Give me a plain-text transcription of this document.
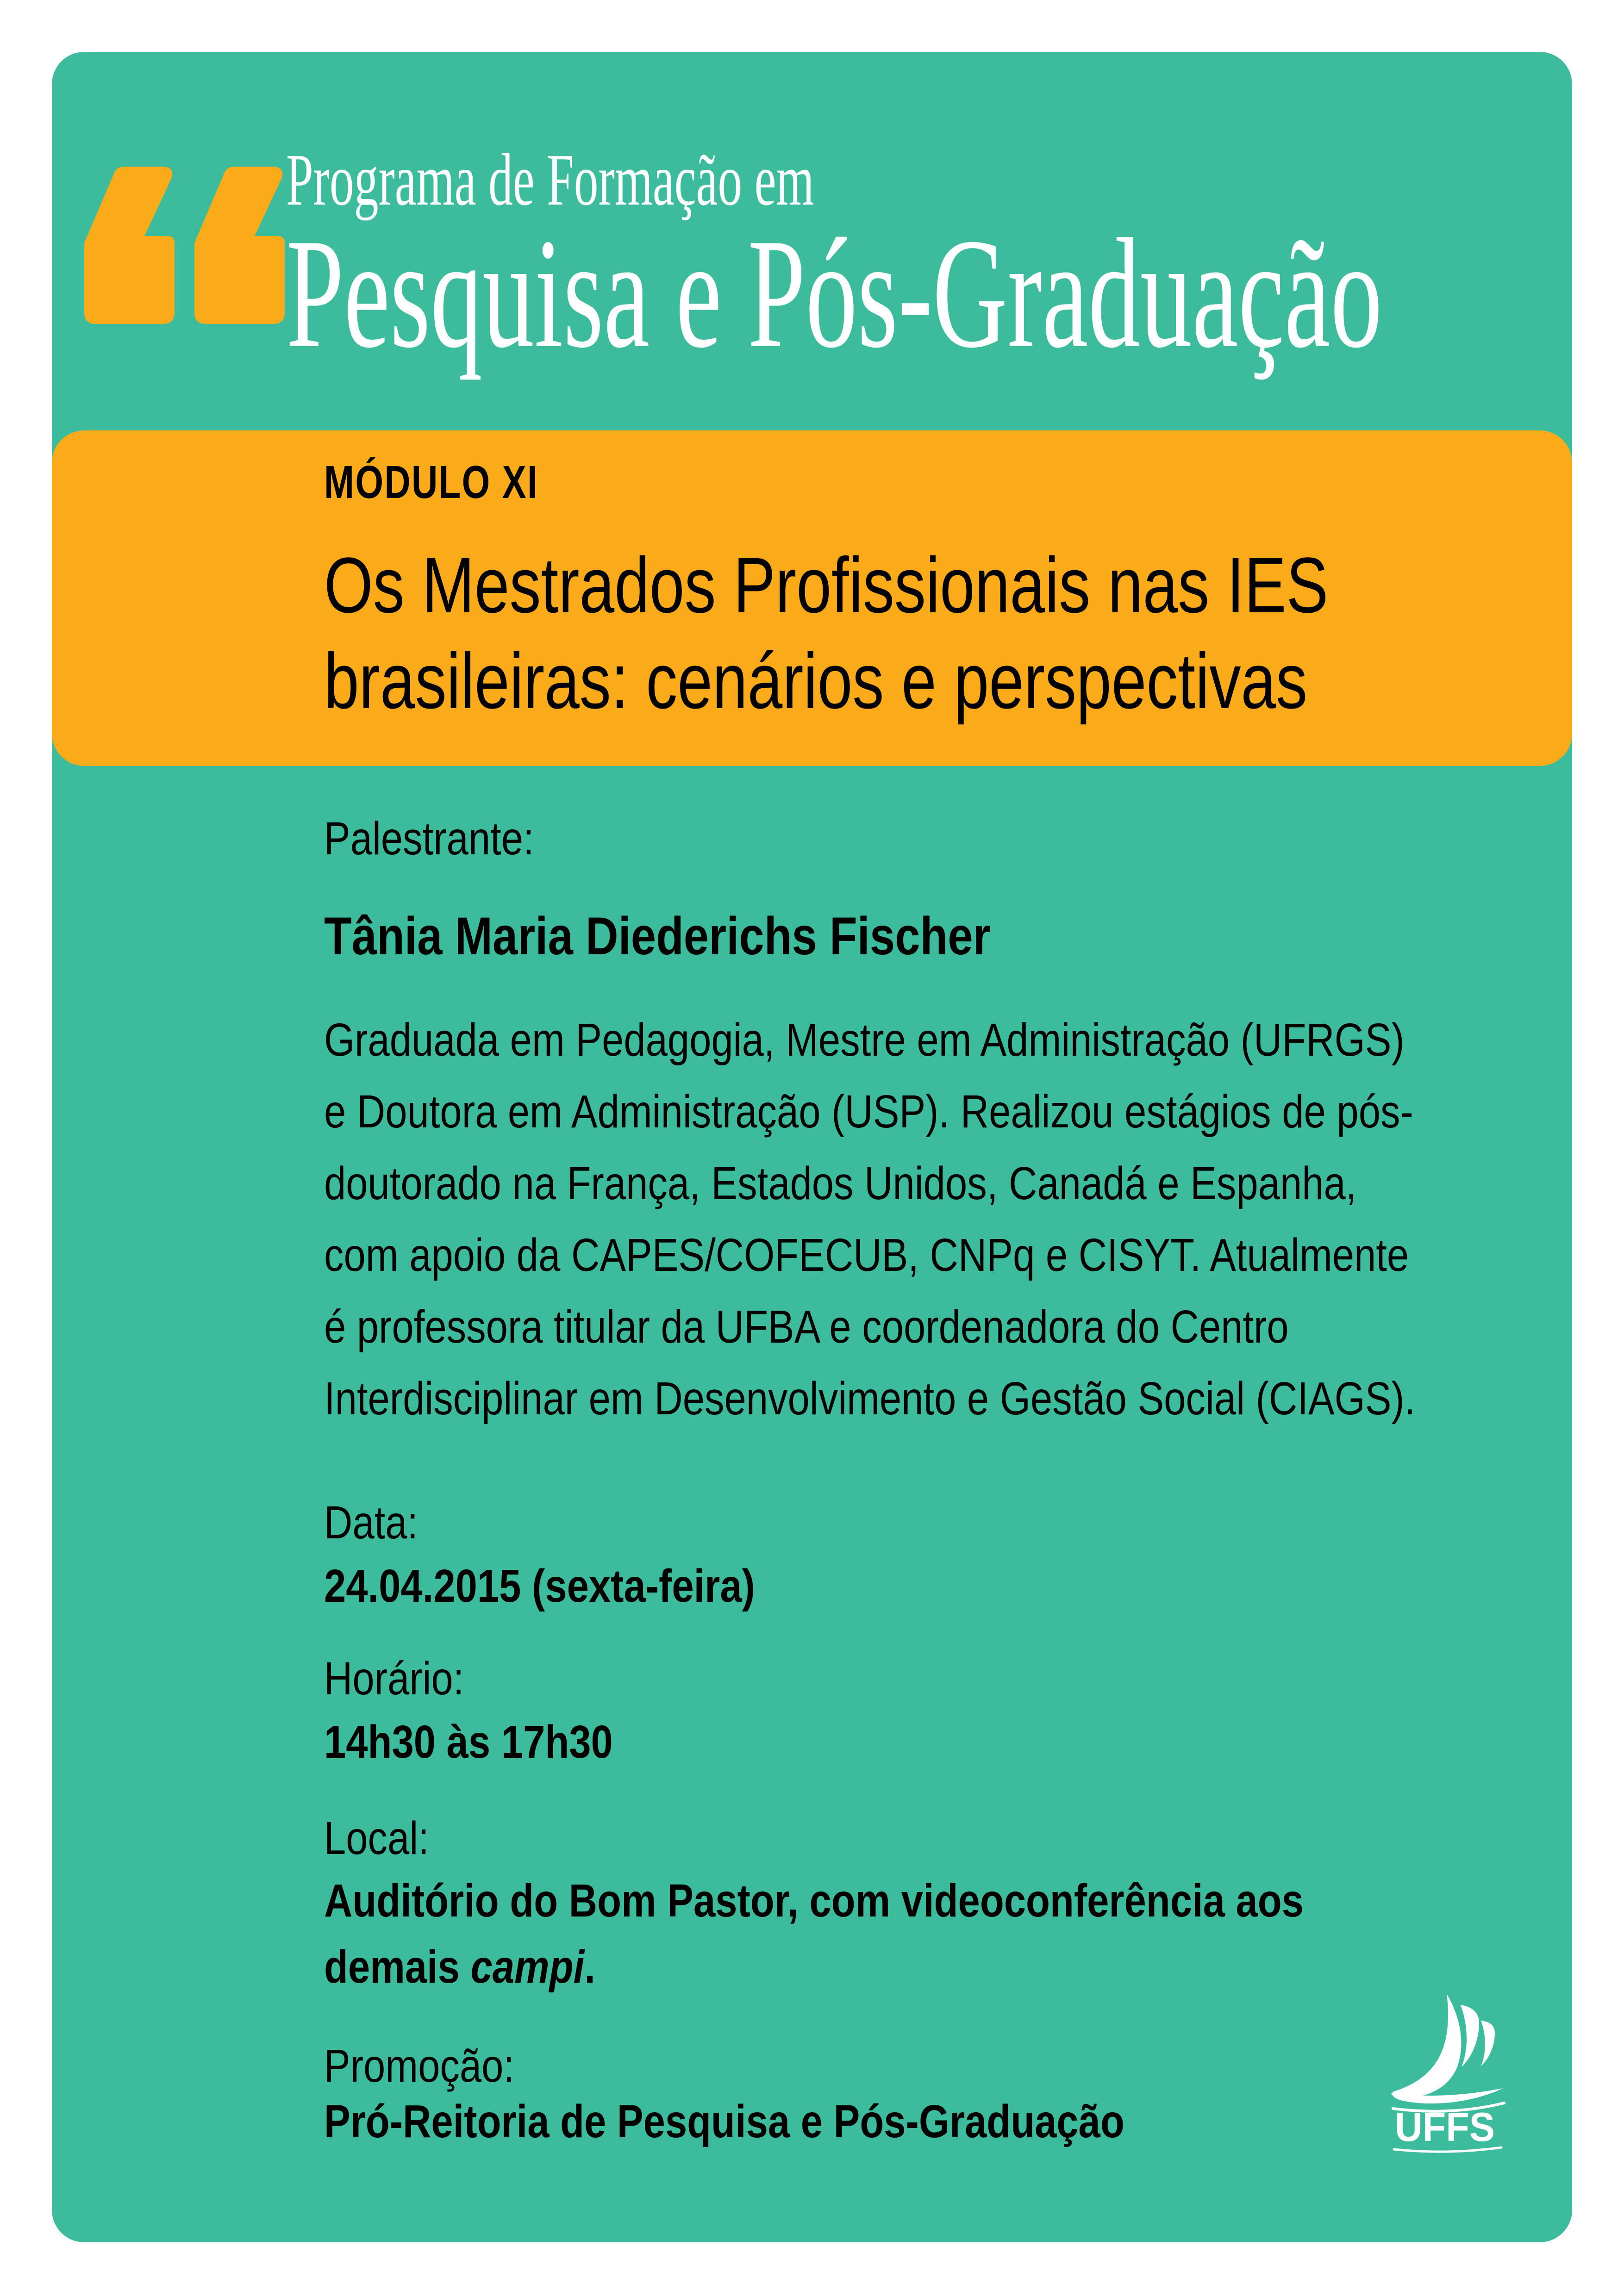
Programa de Formação em
Pesquisa e Pós-Graduação
MÓDULO XI
Os Mestrados Profissionais nas IES
brasileiras: cenários e perspectivas
Palestrante:
Tânia Maria Diederichs Fischer
Graduada em Pedagogia, Mestre em Administração (UFRGS)
e Doutora em Administração (USP). Realizou estágios de pós-
doutorado na França, Estados Unidos, Canadá e Espanha,
com apoio da CAPES/COFECUB, CNPq e CISYT. Atualmente
é professora titular da UFBA e coordenadora do Centro
Interdisciplinar em Desenvolvimento e Gestão Social (CIAGS).
Data:
24.04.2015 (sexta-feira)
Horário:
14h30 às 17h30
Local:
Auditório do Bom Pastor, com videoconferência aos
demais campi.
Promoção:
Pró-Reitoria de Pesquisa e Pós-Graduação	UFFS
